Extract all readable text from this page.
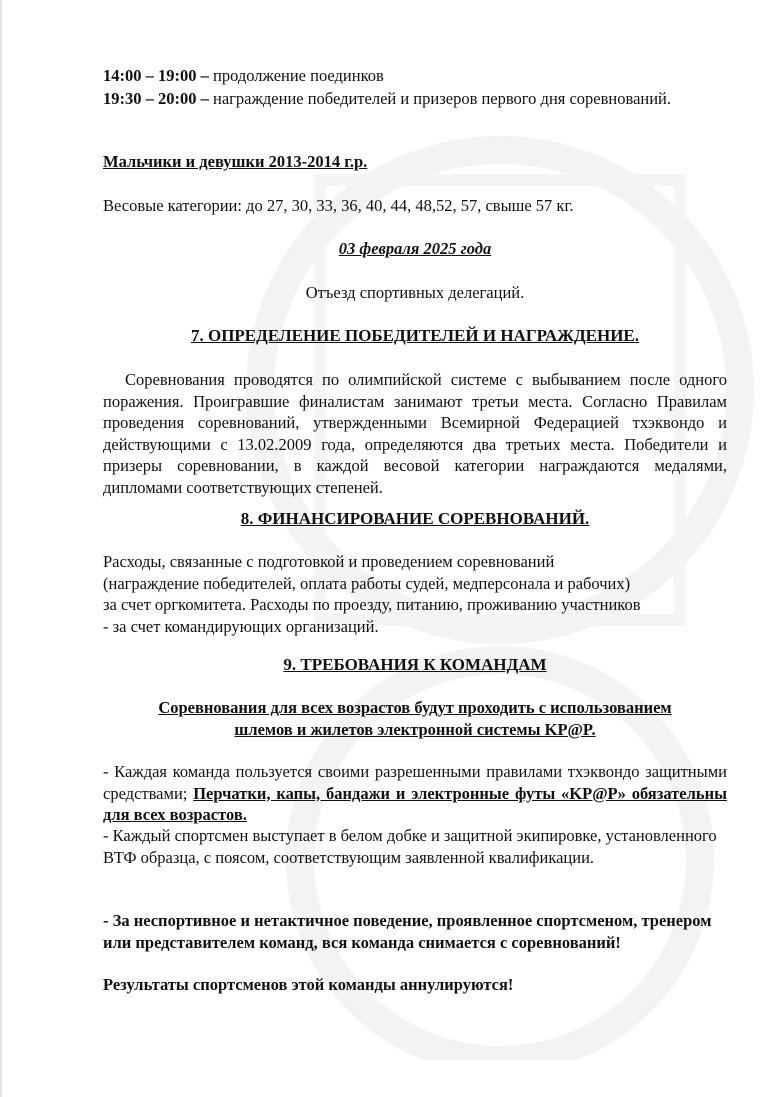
14:00 – 19:00 – продолжение поединков

19:30 – 20:00 – награждение победителей и призеров первого дня соревнований.

Мальчики и девушки 2013-2014 г.р.

Весовые категории: до 27, 30, 33, 36, 40, 44, 48,52, 57, свыше 57 кг.

03 февраля 2025 года

Отъезд спортивных делегаций.

7. ОПРЕДЕЛЕНИЕ ПОБЕДИТЕЛЕЙ И НАГРАЖДЕНИЕ.

Соревнования проводятся по олимпийской системе с выбыванием после одного поражения. Проигравшие финалистам занимают третьи места. Согласно Правилам проведения соревнований, утвержденными Всемирной Федерацией тхэквондо и действующими с 13.02.2009 года, определяются два третьих места. Победители и призеры соревновании, в каждой весовой категории награждаются медалями, дипломами соответствующих степеней.

8. ФИНАНСИРОВАНИЕ СОРЕВНОВАНИЙ.

Расходы, связанные с подготовкой и проведением соревнований
(награждение победителей, оплата работы судей, медперсонала и рабочих)
за счет оргкомитета. Расходы по проезду, питанию, проживанию участников
- за счет командирующих организаций.

9. ТРЕБОВАНИЯ К КОМАНДАМ

Соревнования для всех возрастов будут проходить с использованием
шлемов и жилетов электронной системы KP@P.

- Каждая команда пользуется своими разрешенными правилами тхэквондо защитными средствами; Перчатки, капы, бандажи и электронные футы «KP@P» обязательны для всех возрастов.

- Каждый спортсмен выступает в белом добке и защитной экипировке, установленного ВТФ образца, с поясом, соответствующим заявленной квалификации.

- За неспортивное и нетактичное поведение, проявленное спортсменом, тренером или представителем команд, вся команда снимается с соревнований!

Результаты спортсменов этой команды аннулируются!
